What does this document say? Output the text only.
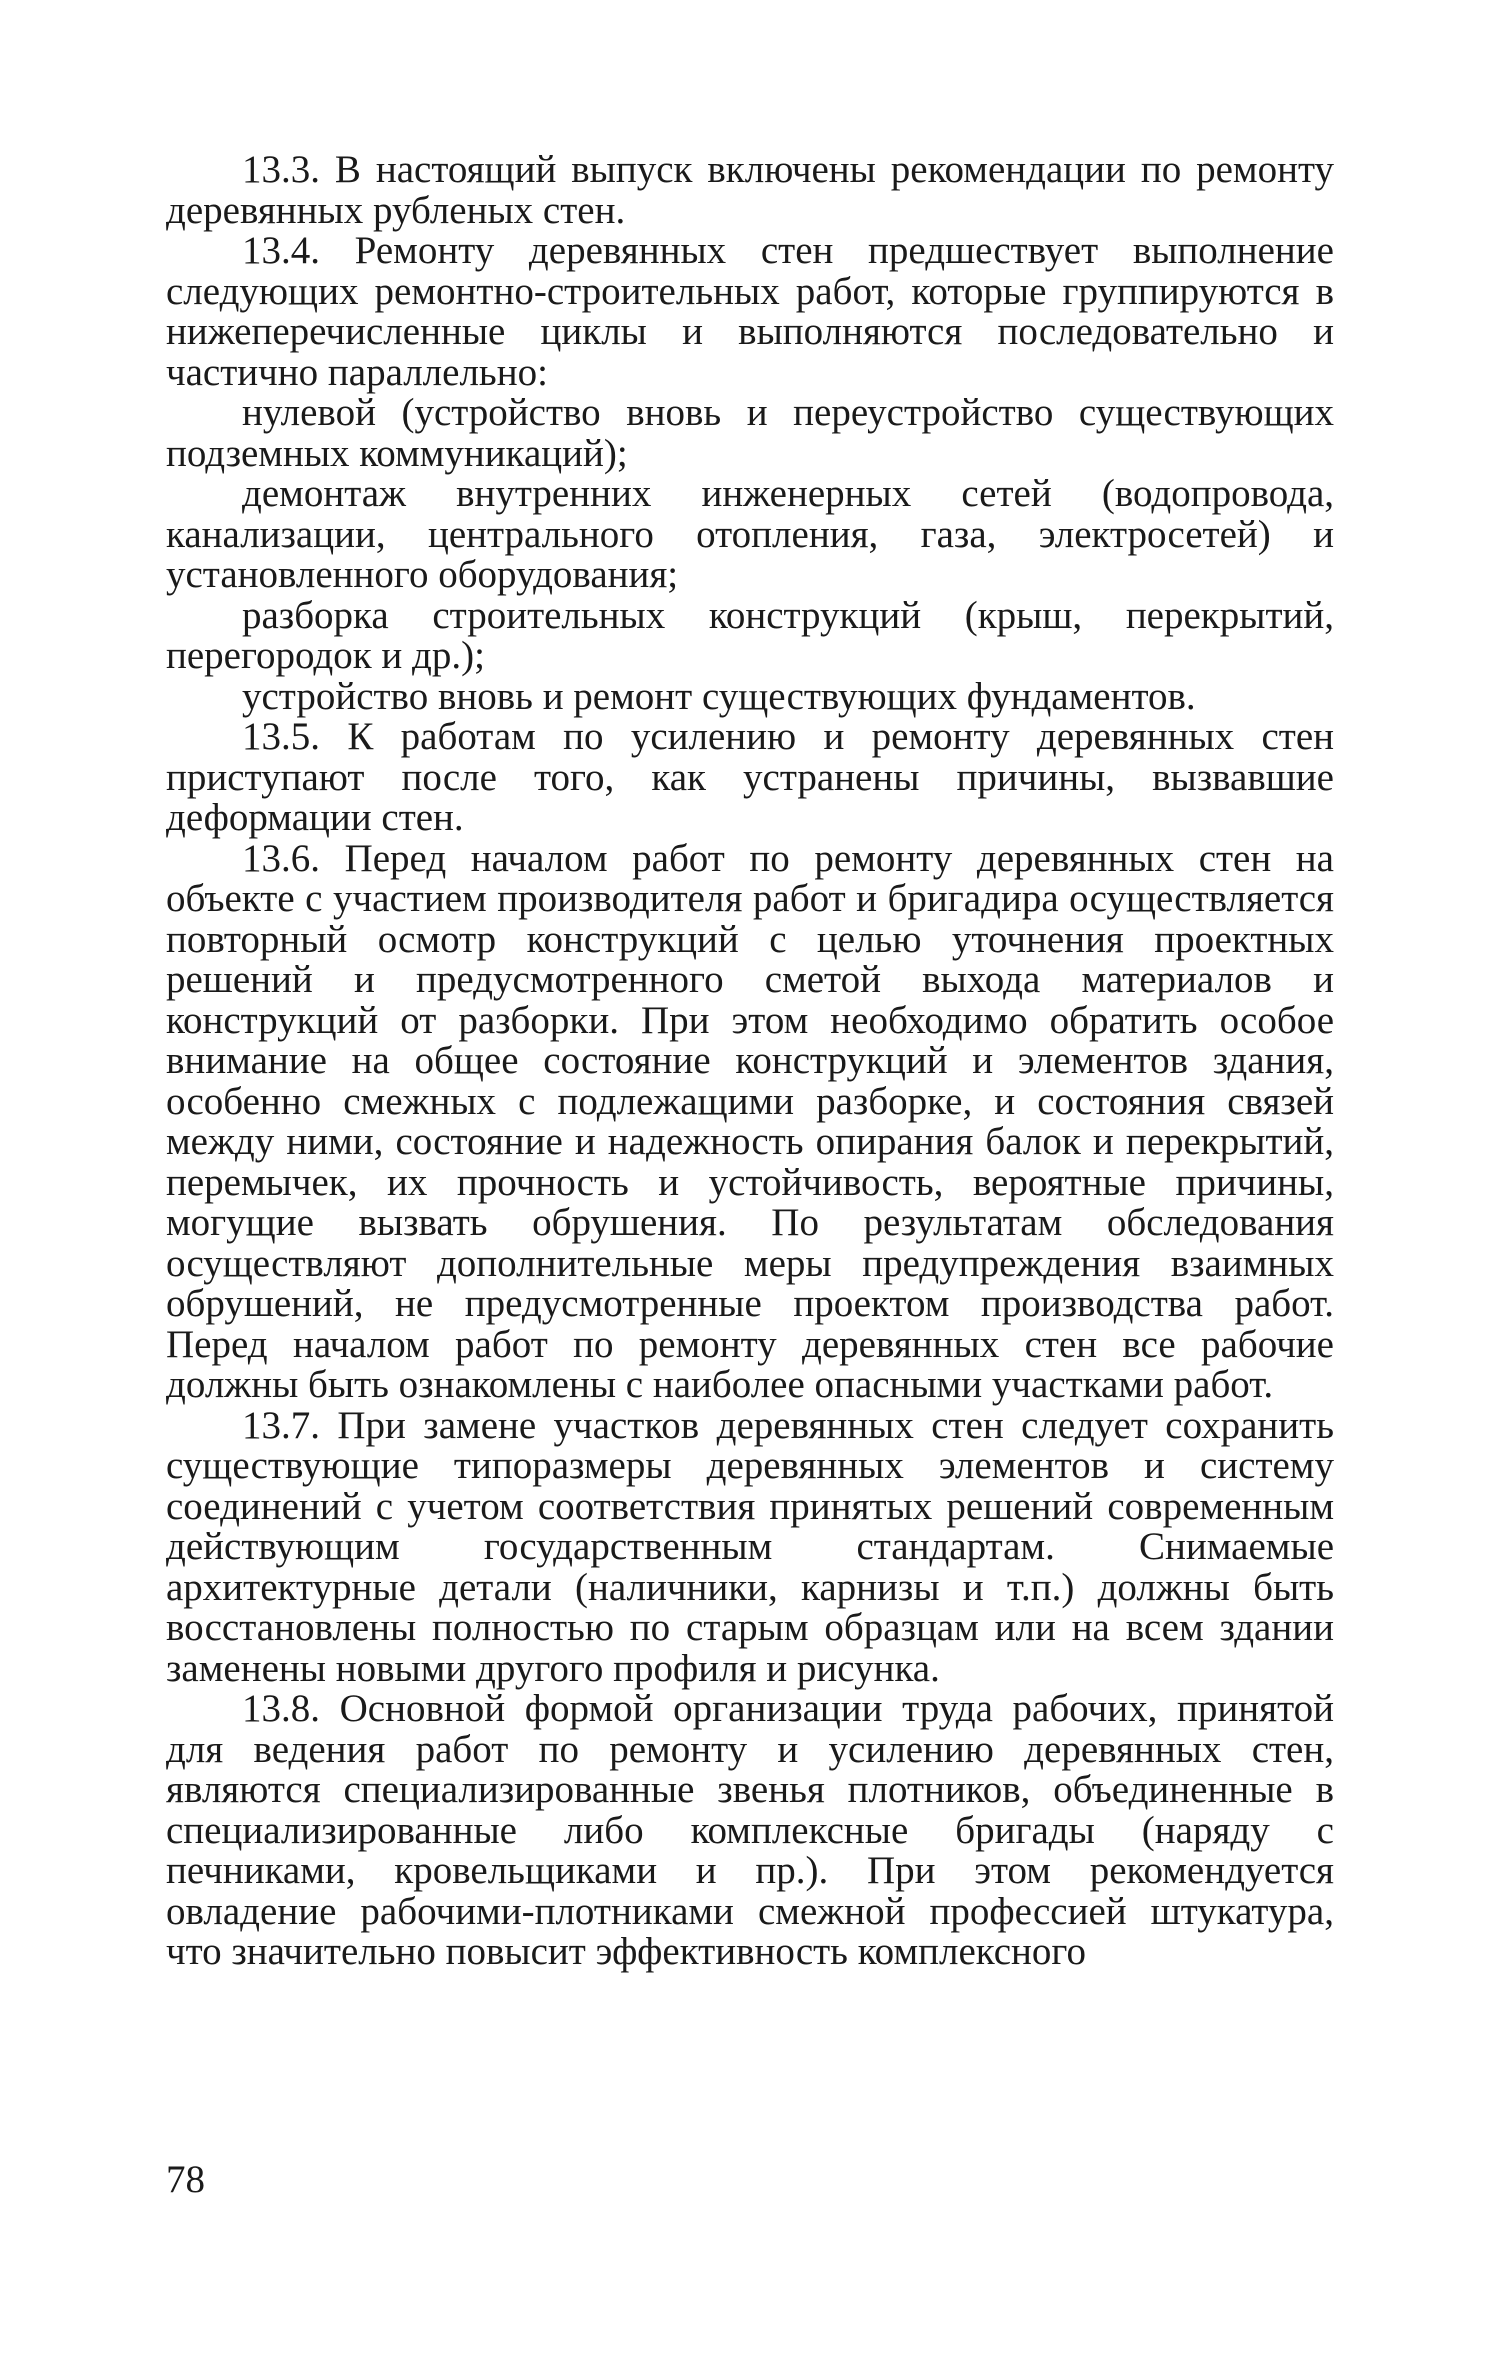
13.3. В настоящий выпуск включены рекомендации по ремонту деревянных рубленых стен.

13.4. Ремонту деревянных стен предшествует выполнение следующих ремонтно-строительных работ, которые группируются в нижеперечисленные циклы и выполняются последовательно и частично параллельно:

нулевой (устройство вновь и переустройство существующих подземных коммуникаций);

демонтаж внутренних инженерных сетей (водопровода, канализации, центрального отопления, газа, электросетей) и установленного оборудования;

разборка строительных конструкций (крыш, перекрытий, перегородок и др.);

устройство вновь и ремонт существующих фундаментов.

13.5. К работам по усилению и ремонту деревянных стен приступают после того, как устранены причины, вызвавшие деформации стен.

13.6. Перед началом работ по ремонту деревянных стен на объекте с участием производителя работ и бригадира осуществляется повторный осмотр конструкций с целью уточнения проектных решений и предусмотренного сметой выхода материалов и конструкций от разборки. При этом необходимо обратить особое внимание на общее состояние конструкций и элементов здания, особенно смежных с подлежащими разборке, и состояния связей между ними, состояние и надежность опирания балок и перекрытий, перемычек, их прочность и устойчивость, вероятные причины, могущие вызвать обрушения. По результатам обследования осуществляют дополнительные меры предупреждения взаимных обрушений, не предусмотренные проектом производства работ. Перед началом работ по ремонту деревянных стен все рабочие должны быть ознакомлены с наиболее опасными участками работ.

13.7. При замене участков деревянных стен следует сохранить существующие типоразмеры деревянных элементов и систему соединений с учетом соответствия принятых решений современным действующим государственным стандартам. Снимаемые архитектурные детали (наличники, карнизы и т.п.) должны быть восстановлены полностью по старым образцам или на всем здании заменены новыми другого профиля и рисунка.

13.8. Основной формой организации труда рабочих, принятой для ведения работ по ремонту и усилению деревянных стен, являются специализированные звенья плотников, объединенные в специализированные либо комплексные бригады (наряду с печниками, кровельщиками и пр.). При этом рекомендуется овладение рабочими-плотниками смежной профессией штукатура, что значительно повысит эффективность комплексного

78
